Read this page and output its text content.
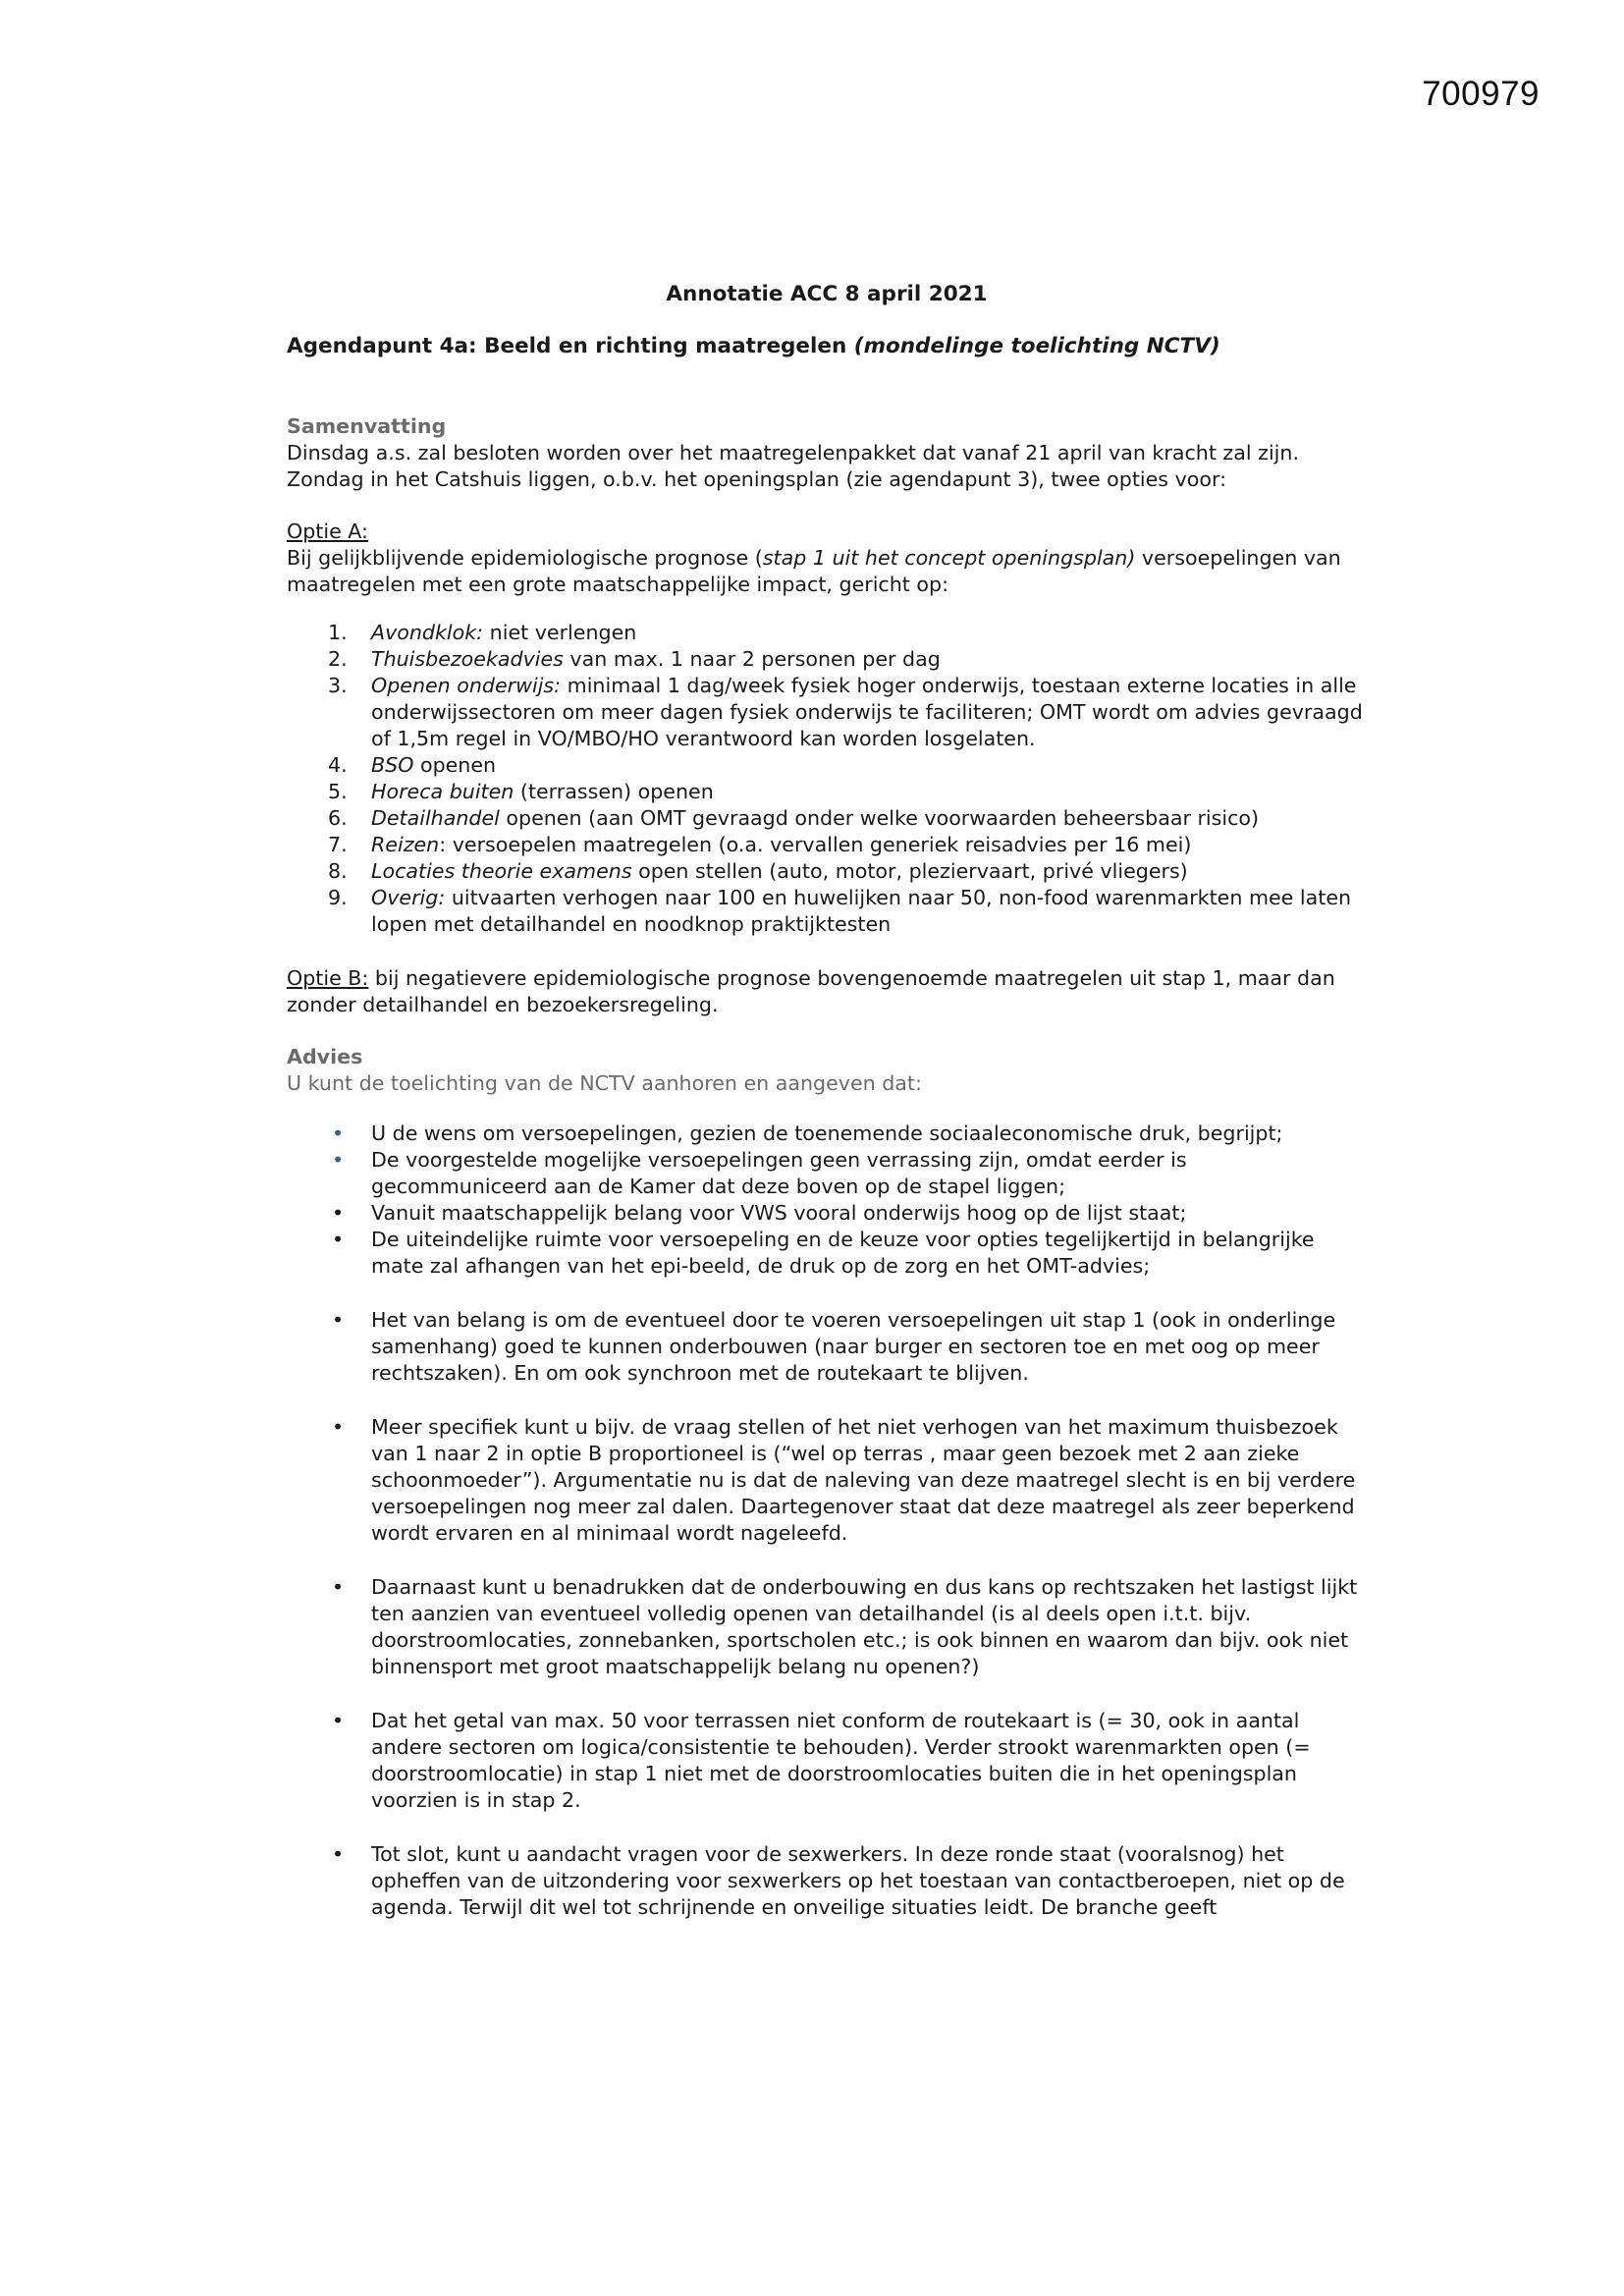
700979

Annotatie ACC 8 april 2021

Agendapunt 4a: Beeld en richting maatregelen (mondelinge toelichting NCTV)

Samenvatting

Dinsdag a.s. zal besloten worden over het maatregelenpakket dat vanaf 21 april van kracht zal zijn. Zondag in het Catshuis liggen, o.b.v. het openingsplan (zie agendapunt 3), twee opties voor:

Optie A:

Bij gelijkblijvende epidemiologische prognose (stap 1 uit het concept openingsplan) versoepelingen van maatregelen met een grote maatschappelijke impact, gericht op:

1. Avondklok: niet verlengen
2. Thuisbezoekadvies van max. 1 naar 2 personen per dag
3. Openen onderwijs: minimaal 1 dag/week fysiek hoger onderwijs, toestaan externe locaties in alle onderwijssectoren om meer dagen fysiek onderwijs te faciliteren; OMT wordt om advies gevraagd of 1,5m regel in VO/MBO/HO verantwoord kan worden losgelaten.
4. BSO openen
5. Horeca buiten (terrassen) openen
6. Detailhandel openen (aan OMT gevraagd onder welke voorwaarden beheersbaar risico)
7. Reizen: versoepelen maatregelen (o.a. vervallen generiek reisadvies per 16 mei)
8. Locaties theorie examens open stellen (auto, motor, pleziervaart, privé vliegers)
9. Overig: uitvaarten verhogen naar 100 en huwelijken naar 50, non-food warenmarkten mee laten lopen met detailhandel en noodknop praktijktesten

Optie B: bij negatievere epidemiologische prognose bovengenoemde maatregelen uit stap 1, maar dan zonder detailhandel en bezoekersregeling.

Advies

U kunt de toelichting van de NCTV aanhoren en aangeven dat:

• U de wens om versoepelingen, gezien de toenemende sociaaleconomische druk, begrijpt;
• De voorgestelde mogelijke versoepelingen geen verrassing zijn, omdat eerder is gecommuniceerd aan de Kamer dat deze boven op de stapel liggen;
• Vanuit maatschappelijk belang voor VWS vooral onderwijs hoog op de lijst staat;
• De uiteindelijke ruimte voor versoepeling en de keuze voor opties tegelijkertijd in belangrijke mate zal afhangen van het epi-beeld, de druk op de zorg en het OMT-advies;
• Het van belang is om de eventueel door te voeren versoepelingen uit stap 1 (ook in onderlinge samenhang) goed te kunnen onderbouwen (naar burger en sectoren toe en met oog op meer rechtszaken). En om ook synchroon met de routekaart te blijven.
• Meer specifiek kunt u bijv. de vraag stellen of het niet verhogen van het maximum thuisbezoek van 1 naar 2 in optie B proportioneel is (“wel op terras , maar geen bezoek met 2 aan zieke schoonmoeder”). Argumentatie nu is dat de naleving van deze maatregel slecht is en bij verdere versoepelingen nog meer zal dalen. Daartegenover staat dat deze maatregel als zeer beperkend wordt ervaren en al minimaal wordt nageleefd.
• Daarnaast kunt u benadrukken dat de onderbouwing en dus kans op rechtszaken het lastigst lijkt ten aanzien van eventueel volledig openen van detailhandel (is al deels open i.t.t. bijv. doorstroomlocaties, zonnebanken, sportscholen etc.; is ook binnen en waarom dan bijv. ook niet binnensport met groot maatschappelijk belang nu openen?)
• Dat het getal van max. 50 voor terrassen niet conform de routekaart is (= 30, ook in aantal andere sectoren om logica/consistentie te behouden). Verder strookt warenmarkten open (= doorstroomlocatie) in stap 1 niet met de doorstroomlocaties buiten die in het openingsplan voorzien is in stap 2.
• Tot slot, kunt u aandacht vragen voor de sexwerkers. In deze ronde staat (vooralsnog) het opheffen van de uitzondering voor sexwerkers op het toestaan van contactberoepen, niet op de agenda. Terwijl dit wel tot schrijnende en onveilige situaties leidt. De branche geeft
